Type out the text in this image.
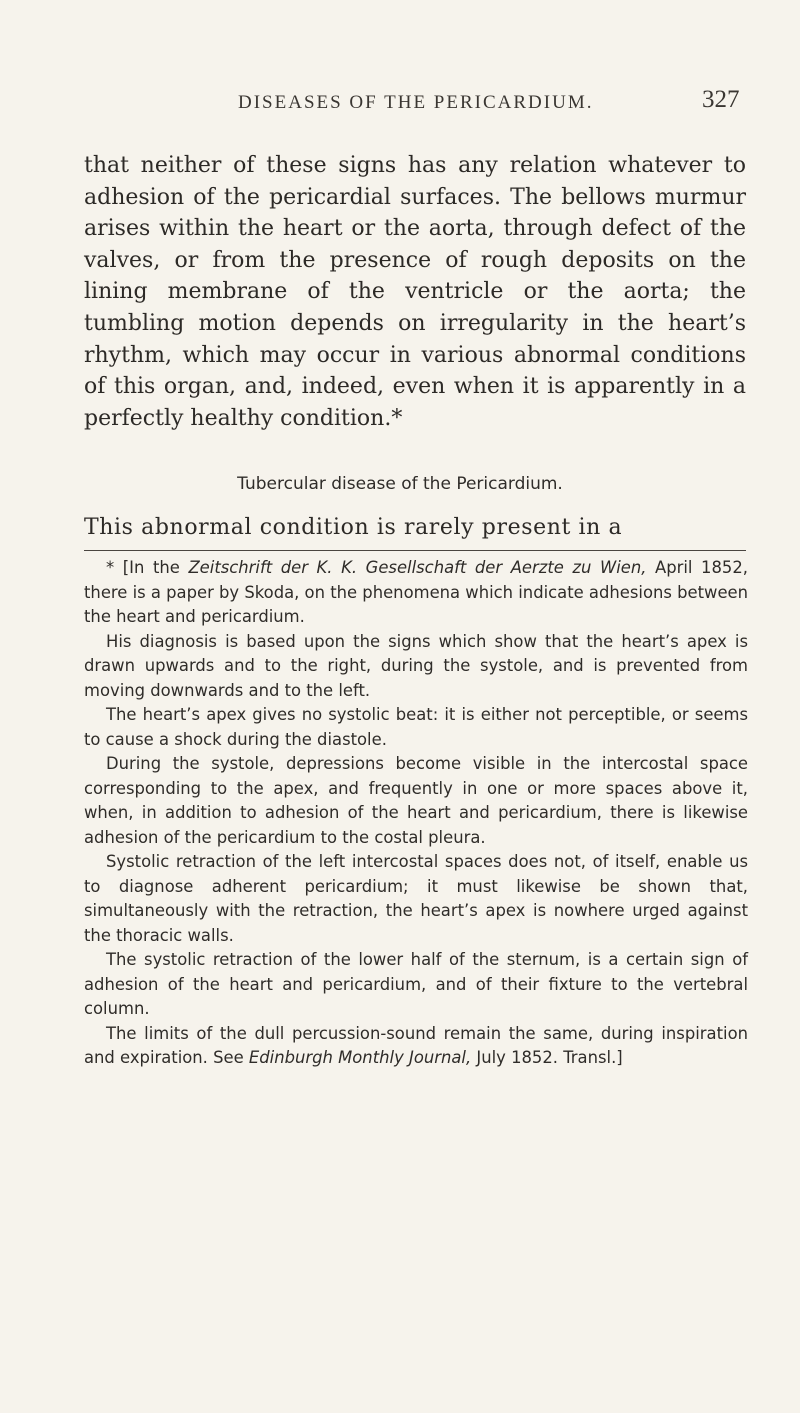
DISEASES OF THE PERICARDIUM.	327
that neither of these signs has any relation whatever to adhesion of the pericardial surfaces. The bellows murmur arises within the heart or the aorta, through defect of the valves, or from the presence of rough deposits on the lining membrane of the ventricle or the aorta; the tumbling motion depends on irregularity in the heart’s rhythm, which may occur in various abnormal conditions of this organ, and, indeed, even when it is apparently in a perfectly healthy condition.*
Tubercular disease of the Pericardium.
This abnormal condition is rarely present in a

* [In the Zeitschrift der K. K. Gesellschaft der Aerzte zu Wien, April 1852, there is a paper by Skoda, on the phenomena which indicate adhesions between the heart and pericardium.

His diagnosis is based upon the signs which show that the heart’s apex is drawn upwards and to the right, during the systole, and is prevented from moving downwards and to the left.

The heart’s apex gives no systolic beat: it is either not perceptible, or seems to cause a shock during the diastole.

During the systole, depressions become visible in the intercostal space corresponding to the apex, and frequently in one or more spaces above it, when, in addition to adhesion of the heart and pericardium, there is likewise adhesion of the pericardium to the costal pleura.

Systolic retraction of the left intercostal spaces does not, of itself, enable us to diagnose adherent pericardium; it must likewise be shown that, simultaneously with the retraction, the heart’s apex is nowhere urged against the thoracic walls.

The systolic retraction of the lower half of the sternum, is a certain sign of adhesion of the heart and pericardium, and of their fixture to the vertebral column.

The limits of the dull percussion-sound remain the same, during inspiration and expiration. See Edinburgh Monthly Journal, July 1852. Transl.]
